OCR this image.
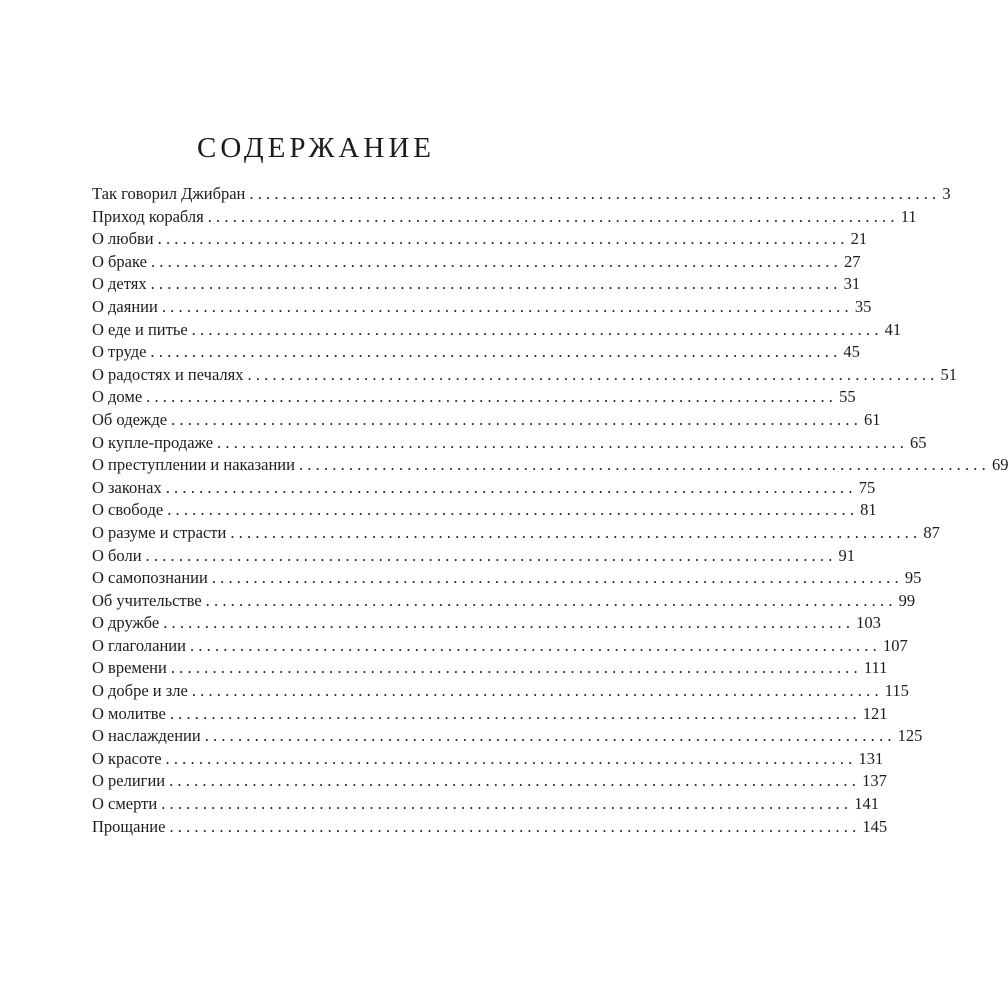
СОДЕРЖАНИЕ
Так говорил Джибран ................................................................................... 3
Приход корабля ................................................................................... 11
О любви ................................................................................... 21
О браке ................................................................................... 27
О детях ................................................................................... 31
О даянии ................................................................................... 35
О еде и питье ................................................................................... 41
О труде ................................................................................... 45
О радостях и печалях ................................................................................... 51
О доме ................................................................................... 55
Об одежде ................................................................................... 61
О купле-продаже ................................................................................... 65
О преступлении и наказании ................................................................................... 69
О законах ................................................................................... 75
О свободе ................................................................................... 81
О разуме и страсти ................................................................................... 87
О боли ................................................................................... 91
О самопознании ................................................................................... 95
Об учительстве ................................................................................... 99
О дружбе ................................................................................... 103
О глаголании ................................................................................... 107
О времени ................................................................................... 111
О добре и зле ................................................................................... 115
О молитве ................................................................................... 121
О наслаждении ................................................................................... 125
О красоте ................................................................................... 131
О религии ................................................................................... 137
О смерти ................................................................................... 141
Прощание ................................................................................... 145
